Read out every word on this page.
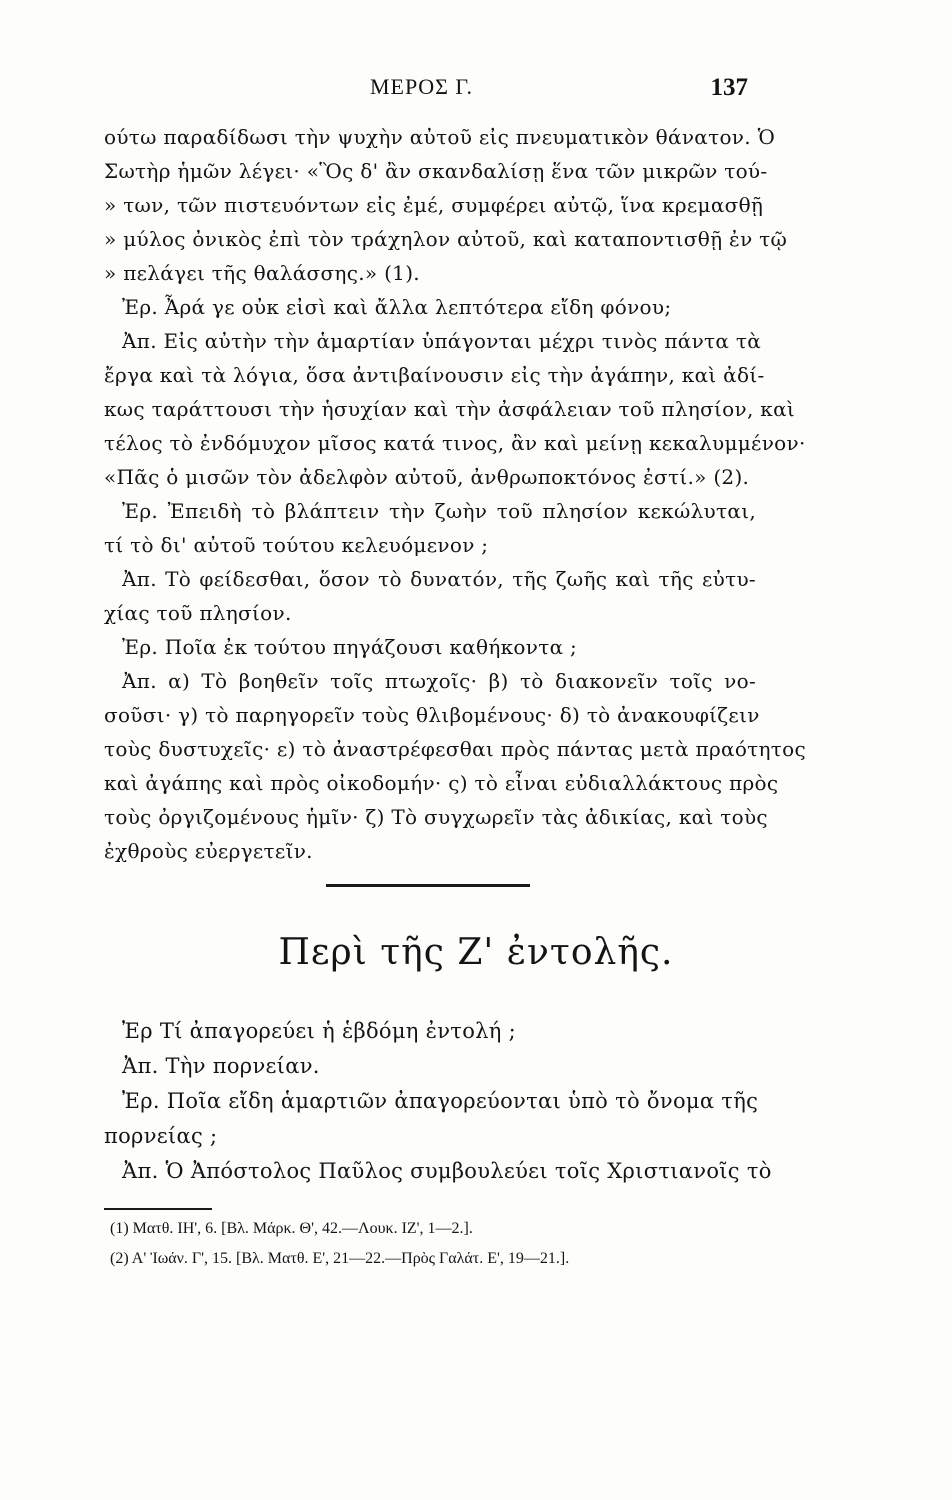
ΜΕΡΟΣ Γ.	137
ούτω παραδίδωσι τὴν ψυχὴν αὐτοῦ εἰς πνευματικὸν θάνατον. Ὁ
Σωτὴρ ἡμῶν λέγει· «Ὃς δ' ἂν σκανδαλίσῃ ἕνα τῶν μικρῶν τού-
» των, τῶν πιστευόντων εἰς ἐμέ, συμφέρει αὐτῷ, ἵνα κρεμασθῇ
» μύλος ὀνικὸς ἐπὶ τὸν τράχηλον αὐτοῦ, καὶ καταποντισθῇ ἐν τῷ
» πελάγει τῆς θαλάσσης.» (1).
Ἐρ. Ἆρά γε οὐκ εἰσὶ καὶ ἄλλα λεπτότερα εἴδη φόνου;
Ἀπ. Εἰς αὐτὴν τὴν ἁμαρτίαν ὑπάγονται μέχρι τινὸς πάντα τὰ
ἔργα καὶ τὰ λόγια, ὅσα ἀντιβαίνουσιν εἰς τὴν ἀγάπην, καὶ ἀδί-
κως ταράττουσι τὴν ἡσυχίαν καὶ τὴν ἀσφάλειαν τοῦ πλησίον, καὶ
τέλος τὸ ἐνδόμυχον μῖσος κατά τινος, ἂν καὶ μείνῃ κεκαλυμμένον·
«Πᾶς ὁ μισῶν τὸν ἀδελφὸν αὐτοῦ, ἀνθρωποκτόνος ἐστί.» (2).
Ἐρ. Ἐπειδὴ τὸ βλάπτειν τὴν ζωὴν τοῦ πλησίον κεκώλυται,
τί τὸ δι' αὐτοῦ τούτου κελευόμενον ;
Ἀπ. Τὸ φείδεσθαι, ὅσον τὸ δυνατόν, τῆς ζωῆς καὶ τῆς εὐτυ-
χίας τοῦ πλησίον.
Ἐρ. Ποῖα ἐκ τούτου πηγάζουσι καθήκοντα ;
Ἀπ. α) Τὸ βοηθεῖν τοῖς πτωχοῖς· β) τὸ διακονεῖν τοῖς νο-
σοῦσι· γ) τὸ παρηγορεῖν τοὺς θλιβομένους· δ) τὸ ἀνακουφίζειν
τοὺς δυστυχεῖς· ε) τὸ ἀναστρέφεσθαι πρὸς πάντας μετὰ πραότητος
καὶ ἀγάπης καὶ πρὸς οἰκοδομήν· ς) τὸ εἶναι εὐδιαλλάκτους πρὸς
τοὺς ὀργιζομένους ἡμῖν· ζ) Τὸ συγχωρεῖν τὰς ἀδικίας, καὶ τοὺς
ἐχθροὺς εὐεργετεῖν.
Περὶ τῆς Ζ' ἐντολῆς.
Ἐρ Τί ἀπαγορεύει ἡ ἑβδόμη ἐντολή ;
Ἀπ. Τὴν πορνείαν.
Ἐρ. Ποῖα εἴδη ἁμαρτιῶν ἀπαγορεύονται ὑπὸ τὸ ὄνομα τῆς
πορνείας ;
Ἀπ. Ὁ Ἀπόστολος Παῦλος συμβουλεύει τοῖς Χριστιανοῖς τὸ
(1) Ματθ. ΙΗ', 6. [Βλ. Μάρκ. Θ', 42.—Λουκ. ΙΖ', 1—2.].
(2) Α' Ἰωάν. Γ', 15. [Βλ. Ματθ. Ε', 21—22.—Πρὸς Γαλάτ. Ε', 19—21.].
